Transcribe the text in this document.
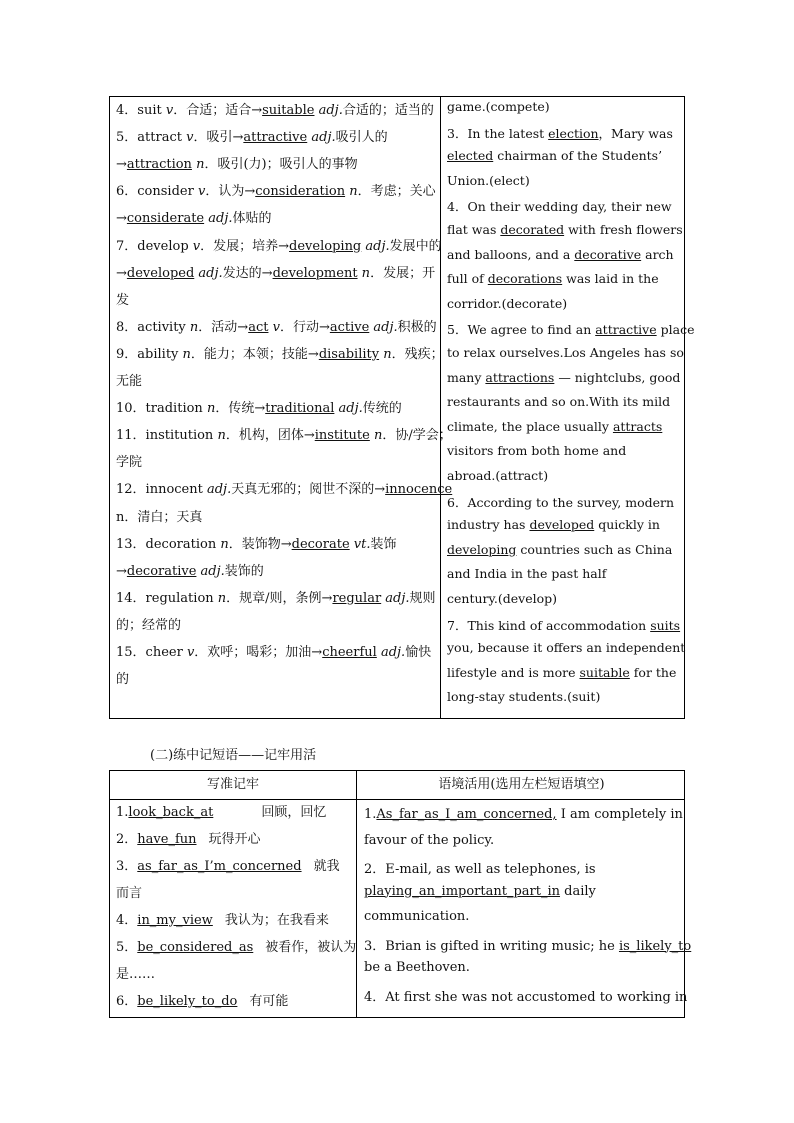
4．suit v．合适；适合→suitable adj.合适的；适当的
5．attract v．吸引→attractive adj.吸引人的
→attraction n．吸引(力)；吸引人的事物
6．consider v．认为→consideration n．考虑；关心
→considerate adj.体贴的
7．develop v．发展；培养→developing adj.发展中的
→developed adj.发达的→development n．发展；开
发
8．activity n．活动→act v．行动→active adj.积极的
9．ability n．能力；本领；技能→disability n．残疾；
无能
10．tradition n．传统→traditional adj.传统的
11．institution n．机构，团体→institute n．协/学会；
学院
12．innocent adj.天真无邪的；阅世不深的→innocence
n．清白；天真
13．decoration n．装饰物→decorate vt.装饰
→decorative adj.装饰的
14．regulation n．规章/则，条例→regular adj.规则
的；经常的
15．cheer v．欢呼；喝彩；加油→cheerful adj.愉快
的
game.(compete)
3．In the latest election，Mary was
elected chairman of the Students’
Union.(elect)
4．On their wedding day, their new
flat was decorated with fresh flowers
and balloons, and a decorative arch
full of decorations was laid in the
corridor.(decorate)
5．We agree to find an attractive place
to relax ourselves.Los Angeles has so
many attractions — nightclubs, good
restaurants and so on.With its mild
climate, the place usually attracts
visitors from both home and
abroad.(attract)
6．According to the survey, modern
industry has developed quickly in
developing countries such as China
and India in the past half
century.(develop)
7．This kind of accommodation suits
you, because it offers an independent
lifestyle and is more suitable for the
long-stay students.(suit)
(二)练中记短语——记牢用活
写准记牢	语境活用(选用左栏短语填空)
1.look_back_at	回顾，回忆
2．have_fun 玩得开心
3．as_far_as_I’m_concerned 就我
而言
4．in_my_view 我认为；在我看来
5．be_considered_as 被看作，被认为
是……
6．be_likely_to_do 有可能
1.As_far_as_I_am_concerned, I am completely in
favour of the policy.
2．E-mail, as well as telephones, is
playing_an_important_part_in daily
communication.
3．Brian is gifted in writing music; he is_likely_to
be a Beethoven.
4．At first she was not accustomed to working in
